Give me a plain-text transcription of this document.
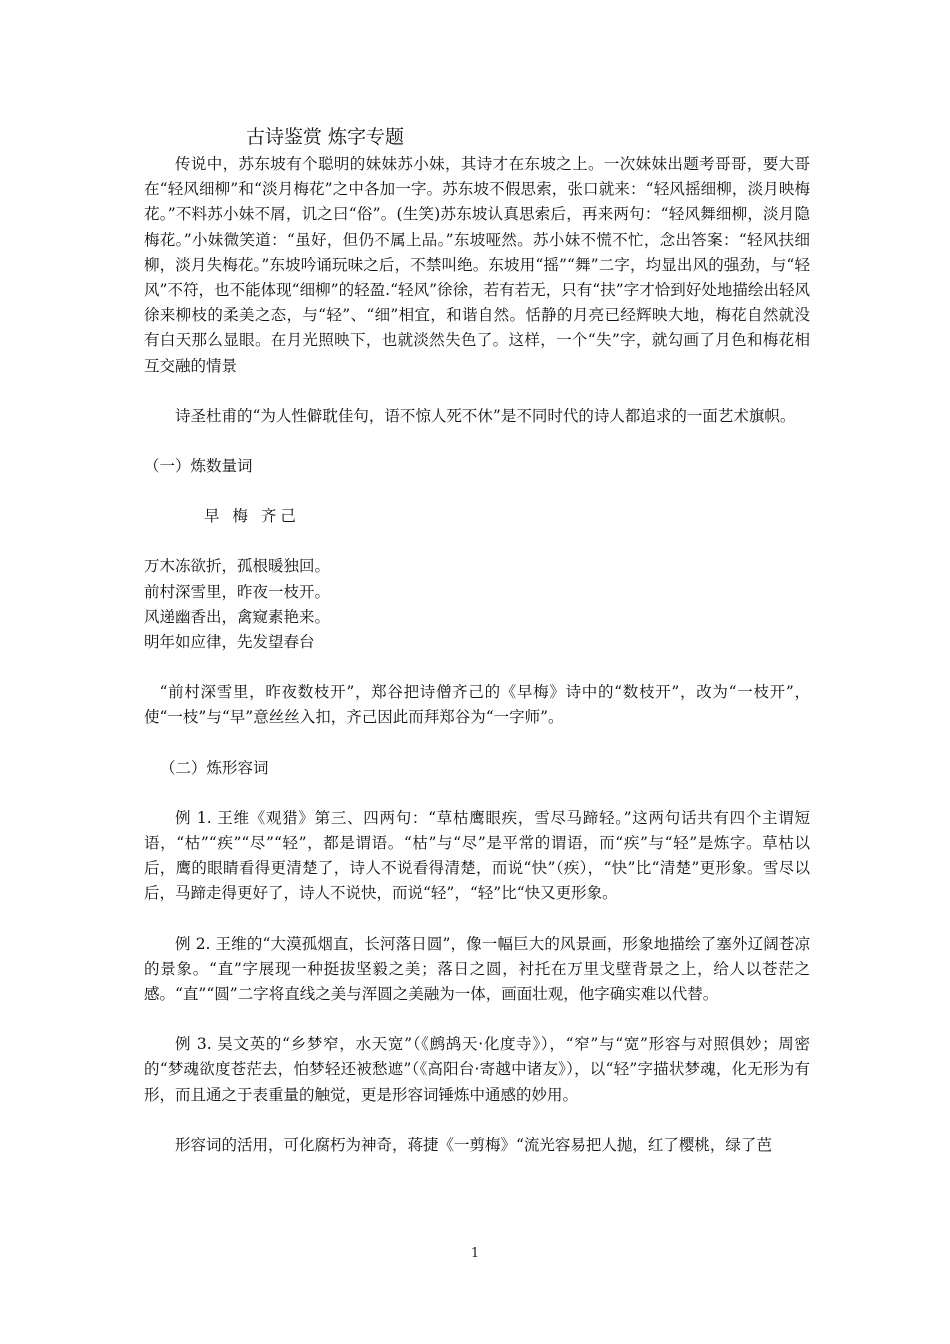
古诗鉴赏 炼字专题

传说中，苏东坡有个聪明的妹妹苏小妹，其诗才在东坡之上。一次妹妹出题考哥哥，要大哥在“轻风细柳”和“淡月梅花”之中各加一字。苏东坡不假思索，张口就来：“轻风摇细柳，淡月映梅花。”不料苏小妹不屑，讥之曰“俗”。(生笑)苏东坡认真思索后，再来两句：“轻风舞细柳，淡月隐梅花。”小妹微笑道：“虽好，但仍不属上品。”东坡哑然。苏小妹不慌不忙，念出答案：“轻风扶细柳，淡月失梅花。”东坡吟诵玩味之后，不禁叫绝。东坡用“摇”“舞”二字，均显出风的强劲，与“轻风”不符，也不能体现“细柳”的轻盈.“轻风”徐徐，若有若无，只有“扶”字才恰到好处地描绘出轻风徐来柳枝的柔美之态，与“轻”、“细”相宜，和谐自然。恬静的月亮已经辉映大地，梅花自然就没有白天那么显眼。在月光照映下，也就淡然失色了。这样，一个“失”字，就勾画了月色和梅花相互交融的情景

诗圣杜甫的“为人性僻耽佳句，语不惊人死不休”是不同时代的诗人都追求的一面艺术旗帜。

（一）炼数量词

早 梅 齐己

万木冻欲折，孤根暖独回。

前村深雪里，昨夜一枝开。

风递幽香出，禽窥素艳来。

明年如应律，先发望春台

“前村深雪里，昨夜数枝开”，郑谷把诗僧齐己的《早梅》诗中的“数枝开”，改为“一枝开”，使“一枝”与“早”意丝丝入扣，齐己因此而拜郑谷为“一字师”。

（二）炼形容词

例 1. 王维《观猎》第三、四两句：“草枯鹰眼疾，雪尽马蹄轻。”这两句话共有四个主谓短语，“枯”“疾”“尽”“轻”，都是谓语。“枯”与“尽”是平常的谓语，而“疾”与“轻”是炼字。草枯以后，鹰的眼睛看得更清楚了，诗人不说看得清楚，而说“快”（疾），“快”比“清楚”更形象。雪尽以后，马蹄走得更好了，诗人不说快，而说“轻”，“轻”比“快又更形象。

例 2. 王维的“大漠孤烟直，长河落日圆”，像一幅巨大的风景画，形象地描绘了塞外辽阔苍凉的景象。“直”字展现一种挺拔坚毅之美；落日之圆，衬托在万里戈壁背景之上，给人以苍茫之感。“直”“圆”二字将直线之美与浑圆之美融为一体，画面壮观，他字确实难以代替。

例 3. 吴文英的“乡梦窄，水天宽”（《鹧鸪天·化度寺》），“窄”与“宽”形容与对照俱妙；周密的“梦魂欲度苍茫去，怕梦轻还被愁遮”（《高阳台·寄越中诸友》），以“轻”字描状梦魂，化无形为有形，而且通之于表重量的触觉，更是形容词锤炼中通感的妙用。

形容词的活用，可化腐朽为神奇，蒋捷《一剪梅》“流光容易把人抛，红了樱桃，绿了芭

1
